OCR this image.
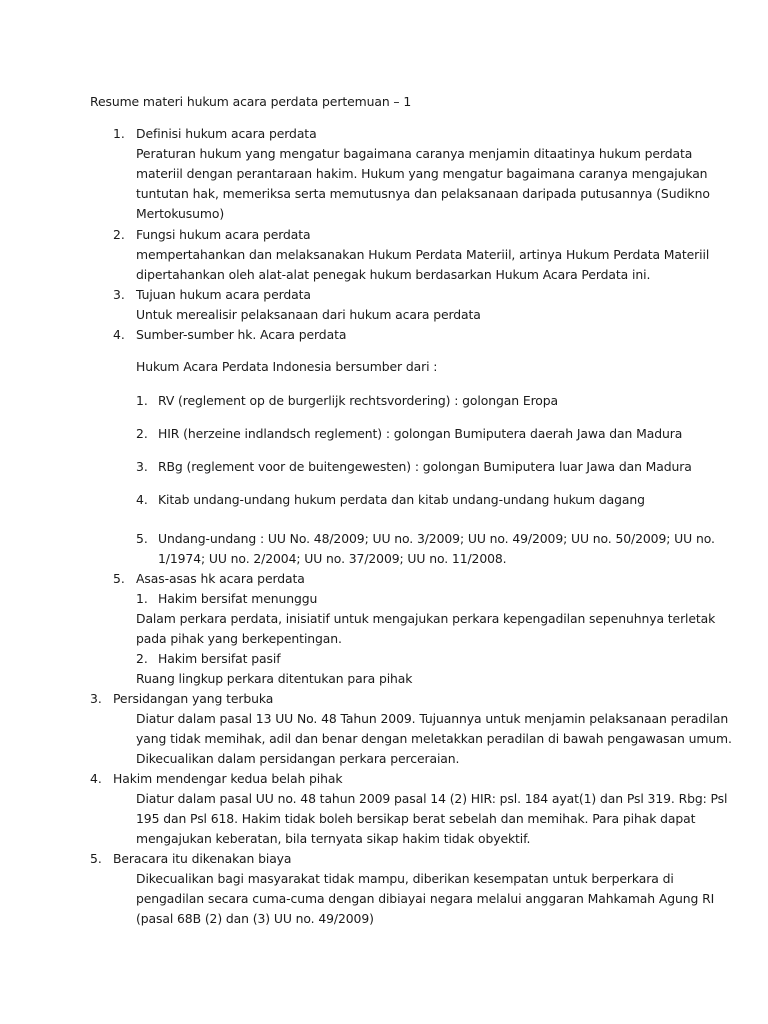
Resume materi hukum acara perdata pertemuan – 1
1. Definisi hukum acara perdata
Peraturan hukum yang mengatur bagaimana caranya menjamin ditaatinya hukum perdata
materiil dengan perantaraan hakim. Hukum yang mengatur bagaimana caranya mengajukan
tuntutan hak, memeriksa serta memutusnya dan pelaksanaan daripada putusannya (Sudikno
Mertokusumo)
2. Fungsi hukum acara perdata
mempertahankan dan melaksanakan Hukum Perdata Materiil, artinya Hukum Perdata Materiil
dipertahankan oleh alat-alat penegak hukum berdasarkan Hukum Acara Perdata ini.
3. Tujuan hukum acara perdata
Untuk merealisir pelaksanaan dari hukum acara perdata
4. Sumber-sumber hk. Acara perdata
Hukum Acara Perdata Indonesia bersumber dari :
1. RV (reglement op de burgerlijk rechtsvordering) : golongan Eropa
2. HIR (herzeine indlandsch reglement) : golongan Bumiputera daerah Jawa dan Madura
3. RBg (reglement voor de buitengewesten) : golongan Bumiputera luar Jawa dan Madura
4. Kitab undang-undang hukum perdata dan kitab undang-undang hukum dagang
5. Undang-undang : UU No. 48/2009; UU no. 3/2009; UU no. 49/2009; UU no. 50/2009; UU no.
1/1974; UU no. 2/2004; UU no. 37/2009; UU no. 11/2008.
5. Asas-asas hk acara perdata
1. Hakim bersifat menunggu
Dalam perkara perdata, inisiatif untuk mengajukan perkara kepengadilan sepenuhnya terletak
pada pihak yang berkepentingan.
2. Hakim bersifat pasif
Ruang lingkup perkara ditentukan para pihak
3. Persidangan yang terbuka
Diatur dalam pasal 13 UU No. 48 Tahun 2009. Tujuannya untuk menjamin pelaksanaan peradilan
yang tidak memihak, adil dan benar dengan meletakkan peradilan di bawah pengawasan umum.
Dikecualikan dalam persidangan perkara perceraian.
4. Hakim mendengar kedua belah pihak
Diatur dalam pasal UU no. 48 tahun 2009 pasal 14 (2) HIR: psl. 184 ayat(1) dan Psl 319. Rbg: Psl
195 dan Psl 618. Hakim tidak boleh bersikap berat sebelah dan memihak. Para pihak dapat
mengajukan keberatan, bila ternyata sikap hakim tidak obyektif.
5. Beracara itu dikenakan biaya
Dikecualikan bagi masyarakat tidak mampu, diberikan kesempatan untuk berperkara di
pengadilan secara cuma-cuma dengan dibiayai negara melalui anggaran Mahkamah Agung RI
(pasal 68B (2) dan (3) UU no. 49/2009)
